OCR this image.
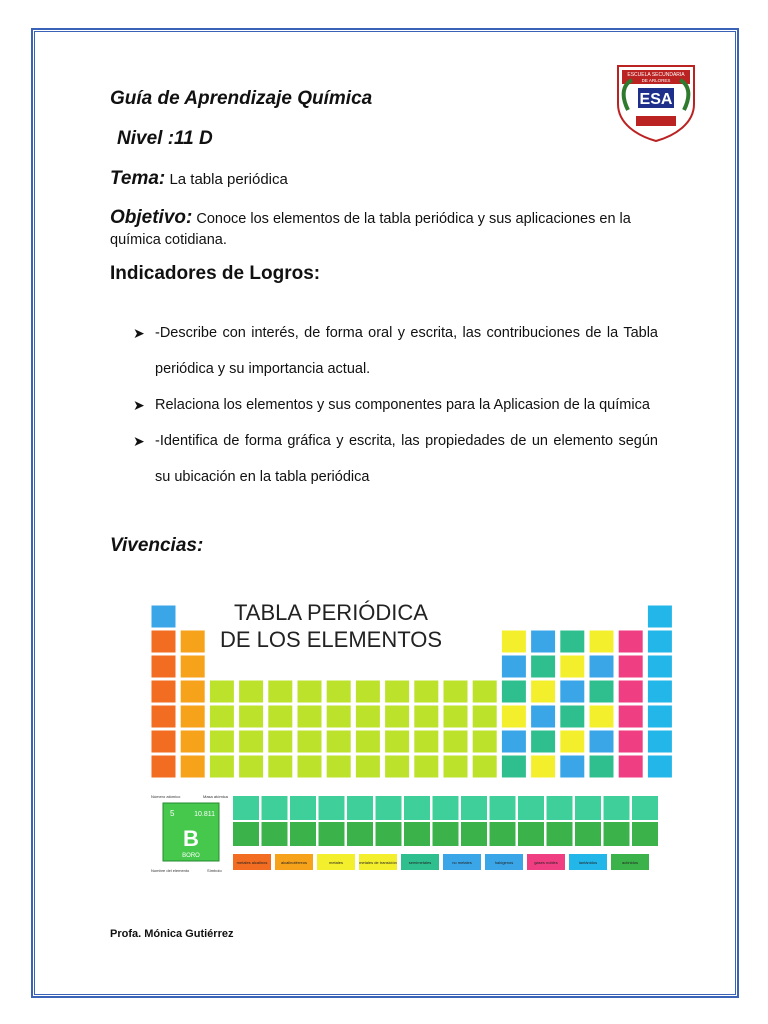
Guía de Aprendizaje Química
Nivel :11 D
Tema: La tabla periódica
Objetivo: Conoce los elementos de la tabla periódica y sus aplicaciones en la química cotidiana.
Indicadores de Logros:
➤ -Describe con interés, de forma oral y escrita, las contribuciones de la Tabla periódica y su importancia actual.
➤ Relaciona los elementos y sus componentes para la Aplicasion de la química
➤ -Identifica de forma gráfica y escrita, las propiedades de un elemento según su ubicación en la tabla periódica
Vivencias:
ESCUELA SECUNDARIA
DE ARLORES
ESA
TABLA PERIÓDICA
DE LOS ELEMENTOS
metales alcalinos	alcalinotérreos	metales	metales de transición	semimetales	no metales	halógenos	gases nobles	lantánidos	actínidos
5	10.811
B
BORO
Número atómico	Masa atómica
Nombre del elemento	Símbolo
Profa. Mónica Gutiérrez
